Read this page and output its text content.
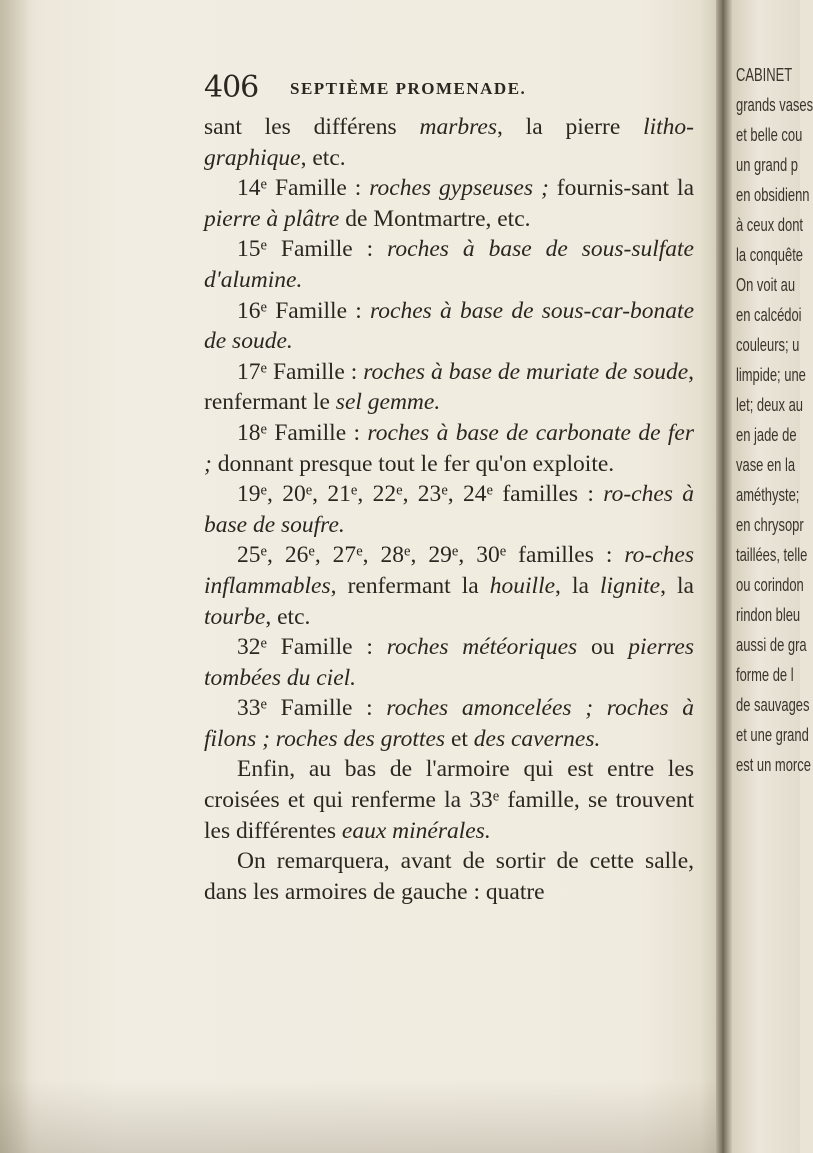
406 SEPTIÈME PROMENADE.

sant les différens marbres, la pierre litho-graphique, etc.

14e Famille : roches gypseuses ; fournis-sant la pierre à plâtre de Montmartre, etc.

15e Famille : roches à base de sous-sulfate d'alumine.

16e Famille : roches à base de sous-car-bonate de soude.

17e Famille : roches à base de muriate de soude, renfermant le sel gemme.

18e Famille : roches à base de carbonate de fer ; donnant presque tout le fer qu'on exploite.

19e, 20e, 21e, 22e, 23e, 24e familles : ro-ches à base de soufre.

25e, 26e, 27e, 28e, 29e, 30e familles : ro-ches inflammables, renfermant la houille, la lignite, la tourbe, etc.

32e Famille : roches météoriques ou pierres tombées du ciel.

33e Famille : roches amoncelées ; roches à filons ; roches des grottes et des cavernes.

Enfin, au bas de l'armoire qui est entre les croisées et qui renferme la 33e famille, se trouvent les différentes eaux minérales.

On remarquera, avant de sortir de cette salle, dans les armoires de gauche : quatre

CABINET
grands vases
et belle cou
un grand p
en obsidienn
à ceux dont
la conquête
On voit au
en calcédoi
couleurs; u
limpide; une
let; deux au
en jade de
vase en la
améthyste;
en chrysopr
taillées, telle
ou corindon
rindon bleu
aussi de gra
forme de l
de sauvages
et une grand
est un morce
